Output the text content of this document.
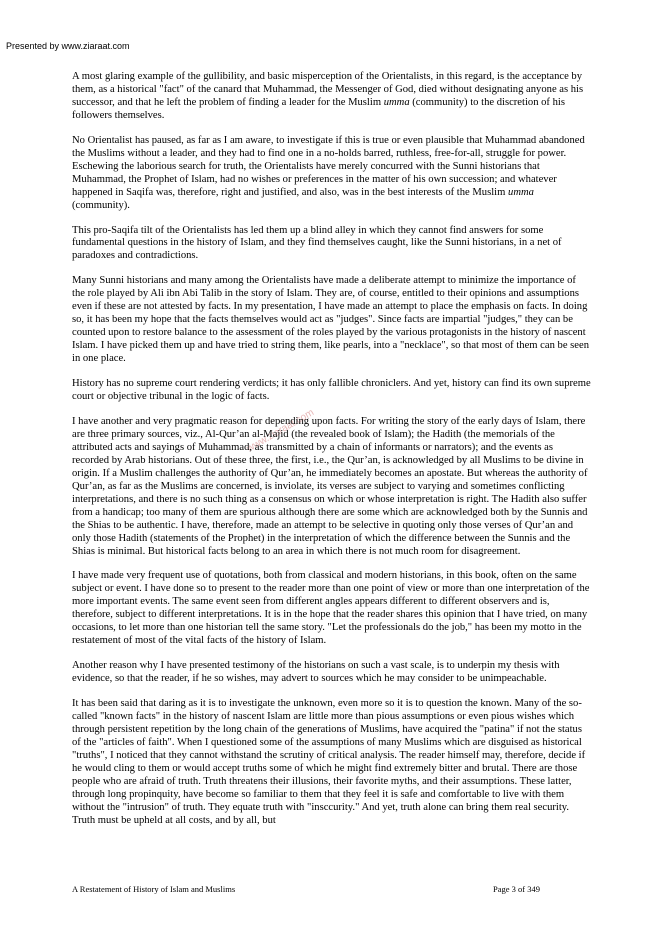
Presented by www.ziaraat.com
www.ziaraat.com

A most glaring example of the gullibility, and basic misperception of the Orientalists, in this regard, is the acceptance by them, as a historical "fact" of the canard that Muhammad, the Messenger of God, died without designating anyone as his successor, and that he left the problem of finding a leader for the Muslim umma (community) to the discretion of his followers themselves.

No Orientalist has paused, as far as I am aware, to investigate if this is true or even plausible that Muhammad abandoned the Muslims without a leader, and they had to find one in a no-holds barred, ruthless, free-for-all, struggle for power. Eschewing the laborious search for truth, the Orientalists have merely concurred with the Sunni historians that Muhammad, the Prophet of Islam, had no wishes or preferences in the matter of his own succession; and whatever happened in Saqifa was, therefore, right and justified, and also, was in the best interests of the Muslim umma (community).

This pro-Saqifa tilt of the Orientalists has led them up a blind alley in which they cannot find answers for some fundamental questions in the history of Islam, and they find themselves caught, like the Sunni historians, in a net of paradoxes and contradictions.

Many Sunni historians and many among the Orientalists have made a deliberate attempt to minimize the importance of the role played by Ali ibn Abi Talib in the story of Islam. They are, of course, entitled to their opinions and assumptions even if these are not attested by facts. In my presentation, I have made an attempt to place the emphasis on facts. In doing so, it has been my hope that the facts themselves would act as "judges". Since facts are impartial "judges," they can be counted upon to restore balance to the assessment of the roles played by the various protagonists in the history of nascent Islam. I have picked them up and have tried to string them, like pearls, into a "necklace", so that most of them can be seen in one place.

History has no supreme court rendering verdicts; it has only fallible chroniclers. And yet, history can find its own supreme court or objective tribunal in the logic of facts.

I have another and very pragmatic reason for depending upon facts. For writing the story of the early days of Islam, there are three primary sources, viz., Al-Qur’an al-Majid (the revealed book of Islam); the Hadith (the memorials of the attributed acts and sayings of Muhammad, as transmitted by a chain of informants or narrators); and the events as recorded by Arab historians. Out of these three, the first, i.e., the Qur’an, is acknowledged by all Muslims to be divine in origin. If a Muslim challenges the authority of Qur’an, he immediately becomes an apostate. But whereas the authority of Qur’an, as far as the Muslims are concerned, is inviolate, its verses are subject to varying and sometimes conflicting interpretations, and there is no such thing as a consensus on which or whose interpretation is right. The Hadith also suffer from a handicap; too many of them are spurious although there are some which are acknowledged both by the Sunnis and the Shias to be authentic. I have, therefore, made an attempt to be selective in quoting only those verses of Qur’an and only those Hadith (statements of the Prophet) in the interpretation of which the difference between the Sunnis and the Shias is minimal. But historical facts belong to an area in which there is not much room for disagreement.

I have made very frequent use of quotations, both from classical and modern historians, in this book, often on the same subject or event. I have done so to present to the reader more than one point of view or more than one interpretation of the more important events. The same event seen from different angles appears different to different observers and is, therefore, subject to different interpretations. It is in the hope that the reader shares this opinion that I have tried, on many occasions, to let more than one historian tell the same story. "Let the professionals do the job," has been my motto in the restatement of most of the vital facts of the history of Islam.

Another reason why I have presented testimony of the historians on such a vast scale, is to underpin my thesis with evidence, so that the reader, if he so wishes, may advert to sources which he may consider to be unimpeachable.

It has been said that daring as it is to investigate the unknown, even more so it is to question the known. Many of the so-called "known facts" in the history of nascent Islam are little more than pious assumptions or even pious wishes which through persistent repetition by the long chain of the generations of Muslims, have acquired the "patina" if not the status of the "articles of faith". When I questioned some of the assumptions of many Muslims which are disguised as historical "truths", I noticed that they cannot withstand the scrutiny of critical analysis. The reader himself may, therefore, decide if he would cling to them or would accept truths some of which he might find extremely bitter and brutal. There are those people who are afraid of truth. Truth threatens their illusions, their favorite myths, and their assumptions. These latter, through long propinquity, have become so familiar to them that they feel it is safe and comfortable to live with them without the "intrusion" of truth. They equate truth with "insccurity." And yet, truth alone can bring them real security. Truth must be upheld at all costs, and by all, but

A Restatement of History of Islam and Muslims	Page 3 of 349
